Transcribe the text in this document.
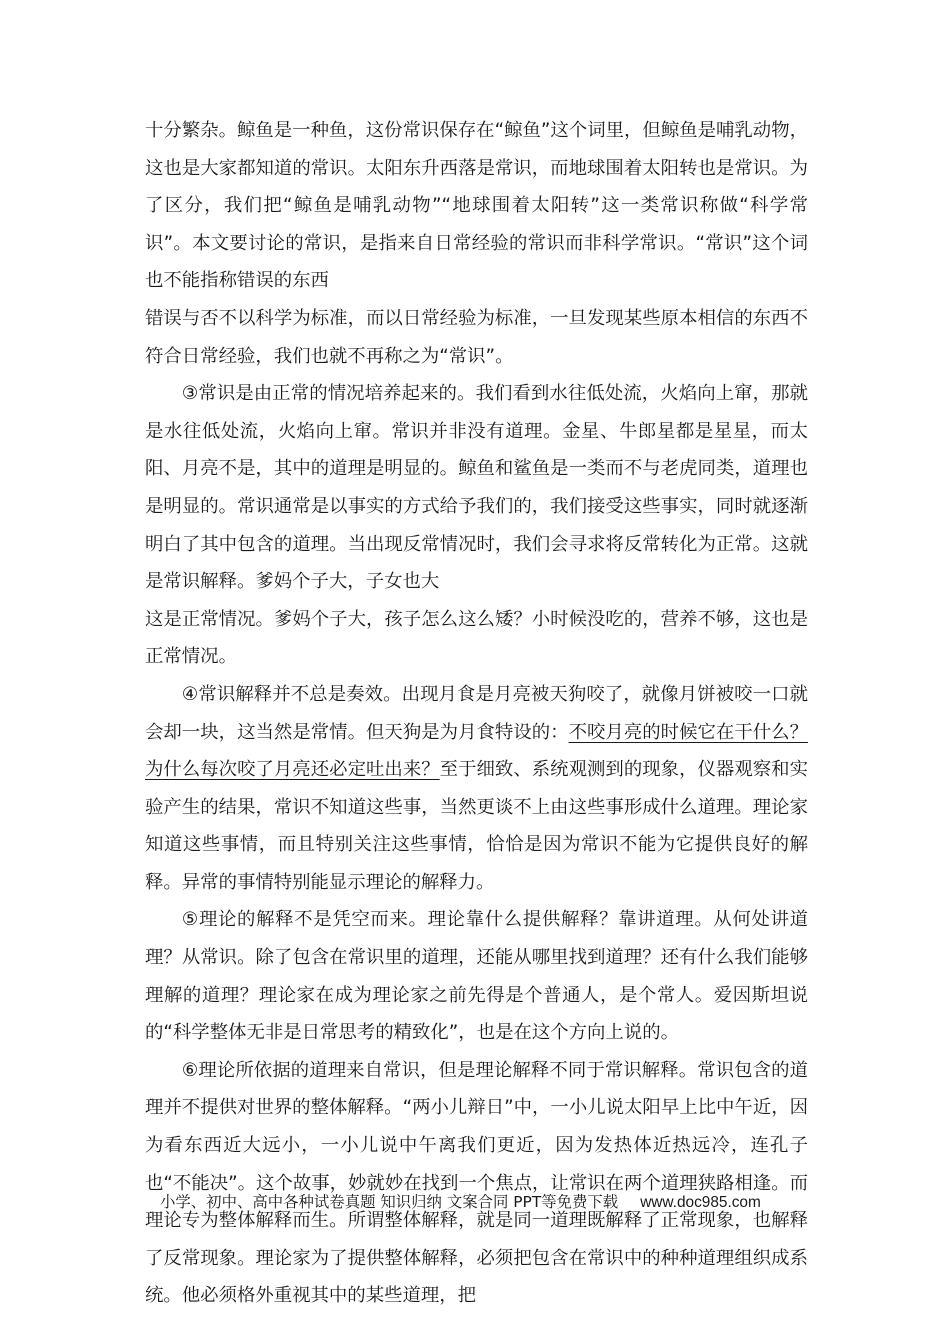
十分繁杂。鲸鱼是一种鱼，这份常识保存在“鲸鱼”这个词里，但鲸鱼是哺乳动物，这也是大家都知道的常识。太阳东升西落是常识，而地球围着太阳转也是常识。为了区分，我们把“鲸鱼是哺乳动物”“地球围着太阳转”这一类常识称做“科学常识”。本文要讨论的常识，是指来自日常经验的常识而非科学常识。“常识”这个词也不能指称错误的东西
错误与否不以科学为标准，而以日常经验为标准，一旦发现某些原本相信的东西不符合日常经验，我们也就不再称之为“常识”。

③常识是由正常的情况培养起来的。我们看到水往低处流，火焰向上窜，那就是水往低处流，火焰向上窜。常识并非没有道理。金星、牛郎星都是星星，而太阳、月亮不是，其中的道理是明显的。鲸鱼和鲨鱼是一类而不与老虎同类，道理也是明显的。常识通常是以事实的方式给予我们的，我们接受这些事实，同时就逐渐明白了其中包含的道理。当出现反常情况时，我们会寻求将反常转化为正常。这就是常识解释。爹妈个子大，子女也大
这是正常情况。爹妈个子大，孩子怎么这么矮？小时候没吃的，营养不够，这也是正常情况。

④常识解释并不总是奏效。出现月食是月亮被天狗咬了，就像月饼被咬一口就会却一块，这当然是常情。但天狗是为月食特设的：不咬月亮的时候它在干什么？为什么每次咬了月亮还必定吐出来？至于细致、系统观测到的现象，仪器观察和实验产生的结果，常识不知道这些事，当然更谈不上由这些事形成什么道理。理论家知道这些事情，而且特别关注这些事情，恰恰是因为常识不能为它提供良好的解释。异常的事情特别能显示理论的解释力。

⑤理论的解释不是凭空而来。理论靠什么提供解释？靠讲道理。从何处讲道理？从常识。除了包含在常识里的道理，还能从哪里找到道理？还有什么我们能够理解的道理？理论家在成为理论家之前先得是个普通人，是个常人。爱因斯坦说的“科学整体无非是日常思考的精致化”，也是在这个方向上说的。

⑥理论所依据的道理来自常识，但是理论解释不同于常识解释。常识包含的道理并不提供对世界的整体解释。“两小儿辩日”中，一小儿说太阳早上比中午近，因为看东西近大远小，一小儿说中午离我们更近，因为发热体近热远冷，连孔子也“不能决”。这个故事，妙就妙在找到一个焦点，让常识在两个道理狭路相逢。而理论专为整体解释而生。所谓整体解释，就是同一道理既解释了正常现象，也解释了反常现象。理论家为了提供整体解释，必须把包含在常识中的种种道理组织成系统。他必须格外重视其中的某些道理，把

小学、初中、高中各种试卷真题 知识归纳 文案合同 PPT等免费下载 www.doc985.com
